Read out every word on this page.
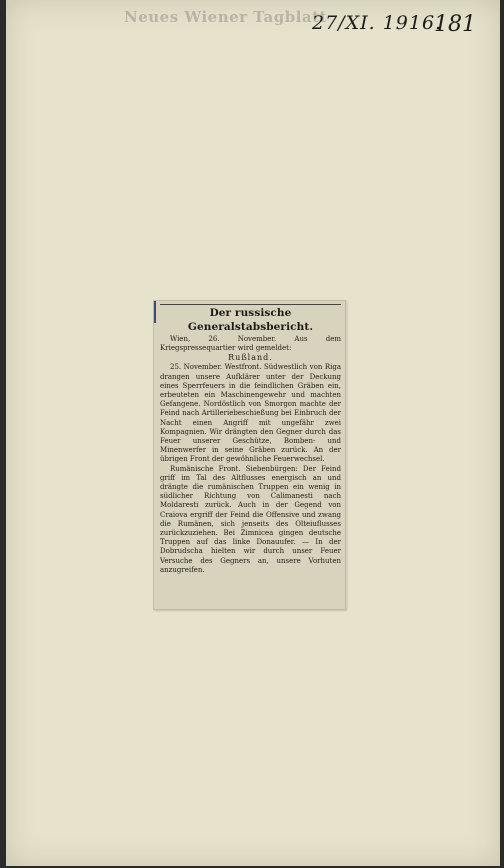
Neues Wiener Tagblatt
27/XI. 1916.
181
Der russische Generalstabsbericht.

Wien, 26. November. Aus dem Kriegspressequartier wird gemeldet:

Rußland.

25. November. Westfront. Südwestlich von Riga drangen unsere Aufklärer unter der Deckung eines Sperrfeuers in die feindlichen Gräben ein, erbeuteten ein Maschinengewehr und machten Gefangene. Nordöstlich von Smorgon machte der Feind nach Artilleriebeschießung bei Einbruch der Nacht einen Angriff mit ungefähr zwei Kompagnien. Wir drängten den Gegner durch das Feuer unserer Geschütze, Bomben- und Minenwerfer in seine Gräben zurück. An der übrigen Front der gewöhnliche Feuerwechsel.

Rumänische Front. Siebenbürgen: Der Feind griff im Tal des Altflusses energisch an und drängte die rumänischen Truppen ein wenig in südlicher Richtung von Calimanesti nach Moldaresti zurück. Auch in der Gegend von Craiova ergriff der Feind die Offensive und zwang die Rumänen, sich jenseits des Olteiuflusses zurückzuziehen. Bei Zimnicea gingen deutsche Truppen auf das linke Donauufer. — In der Dobrudscha hielten wir durch unser Feuer Versuche des Gegners an, unsere Vorhuten anzugreifen.
